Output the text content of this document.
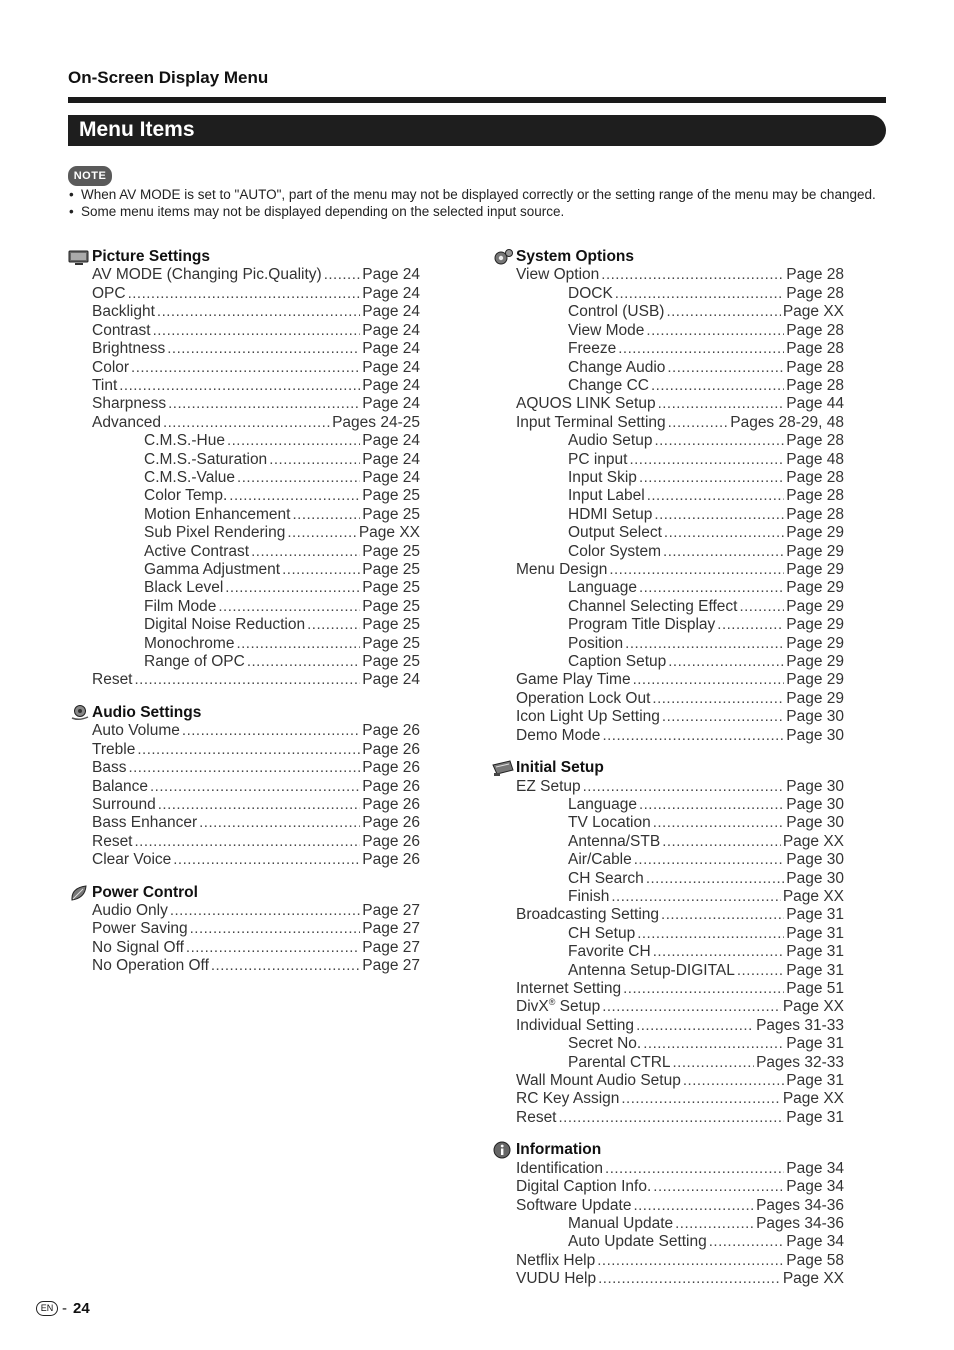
On-Screen Display Menu
Menu Items
NOTE
• When AV MODE is set to "AUTO", part of the menu may not be displayed correctly or the setting range of the menu may be changed.
• Some menu items may not be displayed depending on the selected input source.
Picture Settings
AV MODE (Changing Pic.Quality) .....	Page 24
OPC .....	Page 24
Backlight .....	Page 24
Contrast .....	Page 24
Brightness .....	Page 24
Color .....	Page 24
Tint .....	Page 24
Sharpness .....	Page 24
Advanced .....	Pages 24-25
C.M.S.-Hue .....	Page 24
C.M.S.-Saturation .....	Page 24
C.M.S.-Value .....	Page 24
Color Temp. .....	Page 25
Motion Enhancement .....	Page 25
Sub Pixel Rendering .....	Page XX
Active Contrast .....	Page 25
Gamma Adjustment .....	Page 25
Black Level .....	Page 25
Film Mode .....	Page 25
Digital Noise Reduction .....	Page 25
Monochrome .....	Page 25
Range of OPC .....	Page 25
Reset .....	Page 24
Audio Settings
Auto Volume .....	Page 26
Treble .....	Page 26
Bass .....	Page 26
Balance .....	Page 26
Surround .....	Page 26
Bass Enhancer .....	Page 26
Reset .....	Page 26
Clear Voice .....	Page 26
Power Control
Audio Only .....	Page 27
Power Saving .....	Page 27
No Signal Off .....	Page 27
No Operation Off .....	Page 27
System Options
View Option .....	Page 28
DOCK .....	Page 28
Control (USB) .....	Page XX
View Mode .....	Page 28
Freeze .....	Page 28
Change Audio .....	Page 28
Change CC .....	Page 28
AQUOS LINK Setup .....	Page 44
Input Terminal Setting .....	Pages 28-29, 48
Audio Setup .....	Page 28
PC input .....	Page 48
Input Skip .....	Page 28
Input Label .....	Page 28
HDMI Setup .....	Page 28
Output Select .....	Page 29
Color System .....	Page 29
Menu Design .....	Page 29
Language .....	Page 29
Channel Selecting Effect .....	Page 29
Program Title Display .....	Page 29
Position .....	Page 29
Caption Setup .....	Page 29
Game Play Time .....	Page 29
Operation Lock Out .....	Page 29
Icon Light Up Setting .....	Page 30
Demo Mode .....	Page 30
Initial Setup
EZ Setup .....	Page 30
Language .....	Page 30
TV Location .....	Page 30
Antenna/STB .....	Page XX
Air/Cable .....	Page 30
CH Search .....	Page 30
Finish .....	Page XX
Broadcasting Setting .....	Page 31
CH Setup .....	Page 31
Favorite CH .....	Page 31
Antenna Setup-DIGITAL .....	Page 31
Internet Setting .....	Page 51
DivX® Setup .....	Page XX
Individual Setting .....	Pages 31-33
Secret No. .....	Page 31
Parental CTRL .....	Pages 32-33
Wall Mount Audio Setup .....	Page 31
RC Key Assign .....	Page XX
Reset .....	Page 31
Information
Identification .....	Page 34
Digital Caption Info. .....	Page 34
Software Update .....	Pages 34-36
Manual Update .....	Pages 34-36
Auto Update Setting .....	Page 34
Netflix Help .....	Page 58
VUDU Help .....	Page XX
EN - 24
